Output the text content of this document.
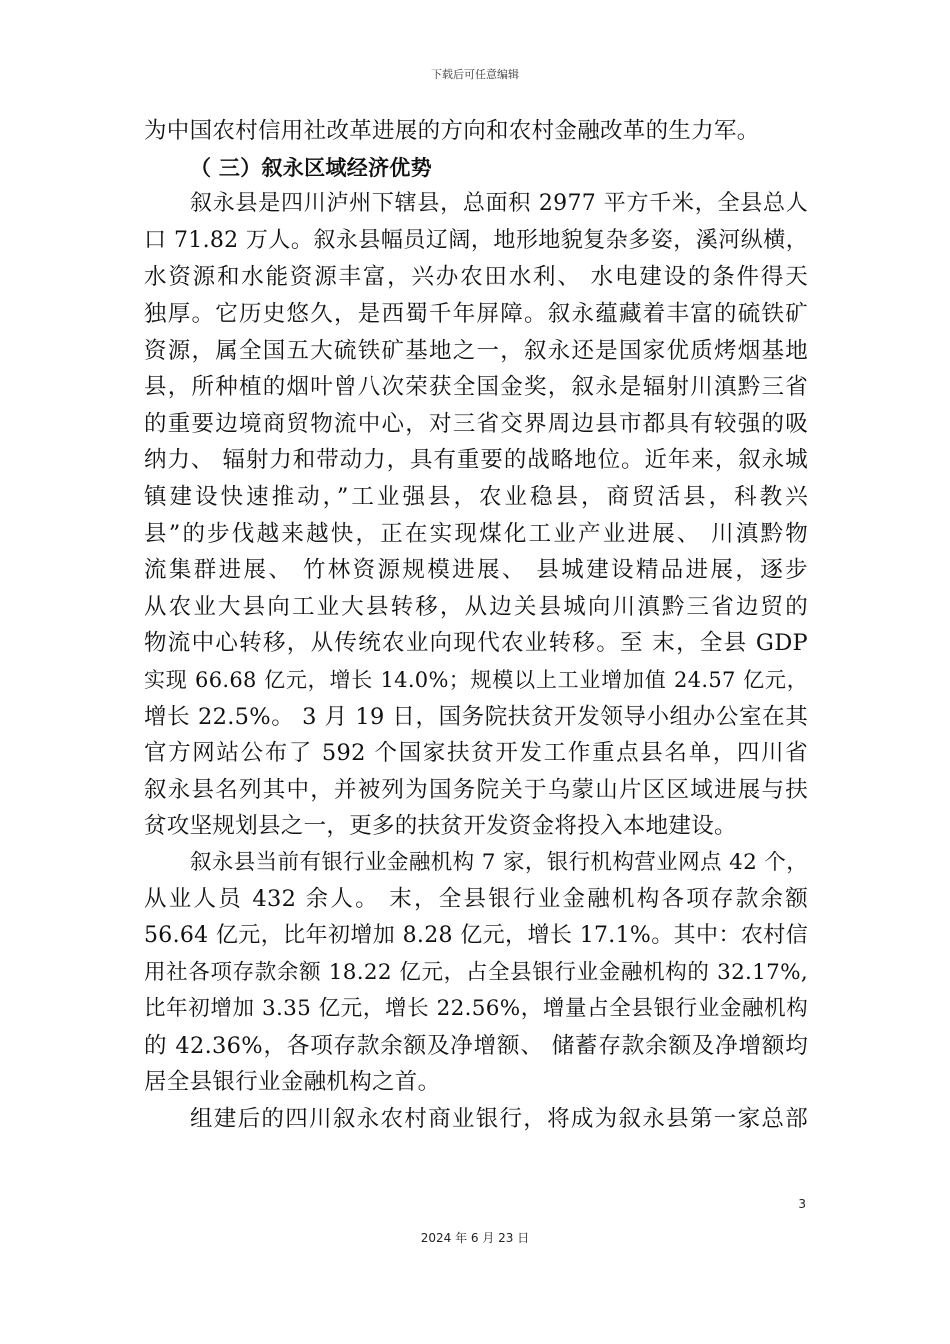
下载后可任意编辑
为中国农村信用社改革进展的方向和农村金融改革的生力军。
（ 三）叙永区域经济优势
叙永县是四川泸州下辖县，总面积 2977 平方千米，全县总人
口 71.82 万人。叙永县幅员辽阔，地形地貌复杂多姿，溪河纵横，
水资源和水能资源丰富，兴办农田水利、 水电建设的条件得天
独厚。它历史悠久，是西蜀千年屏障。叙永蕴藏着丰富的硫铁矿
资源，属全国五大硫铁矿基地之一，叙永还是国家优质烤烟基地
县，所种植的烟叶曾八次荣获全国金奖，叙永是辐射川滇黔三省
的重要边境商贸物流中心，对三省交界周边县市都具有较强的吸
纳力、 辐射力和带动力，具有重要的战略地位。近年来，叙永城
镇建设快速推动，”工业强县，农业稳县，商贸活县，科教兴
县”的步伐越来越快，正在实现煤化工业产业进展、 川滇黔物
流集群进展、 竹林资源规模进展、 县城建设精品进展，逐步
从农业大县向工业大县转移，从边关县城向川滇黔三省边贸的
物流中心转移，从传统农业向现代农业转移。至 末，全县 GDP
实现 66.68 亿元，增长 14.0%；规模以上工业增加值 24.57 亿元，
增长 22.5%。 3 月 19 日，国务院扶贫开发领导小组办公室在其
官方网站公布了 592 个国家扶贫开发工作重点县名单，四川省
叙永县名列其中，并被列为国务院关于乌蒙山片区区域进展与扶
贫攻坚规划县之一，更多的扶贫开发资金将投入本地建设。
叙永县当前有银行业金融机构 7 家，银行机构营业网点 42 个，
从业人员 432 余人。 末，全县银行业金融机构各项存款余额
56.64 亿元，比年初增加 8.28 亿元，增长 17.1%。其中：农村信
用社各项存款余额 18.22 亿元，占全县银行业金融机构的 32.17%,
比年初增加 3.35 亿元，增长 22.56%，增量占全县银行业金融机构
的 42.36%，各项存款余额及净增额、 储蓄存款余额及净增额均
居全县银行业金融机构之首。
组建后的四川叙永农村商业银行，将成为叙永县第一家总部
3
2024 年 6 月 23 日
